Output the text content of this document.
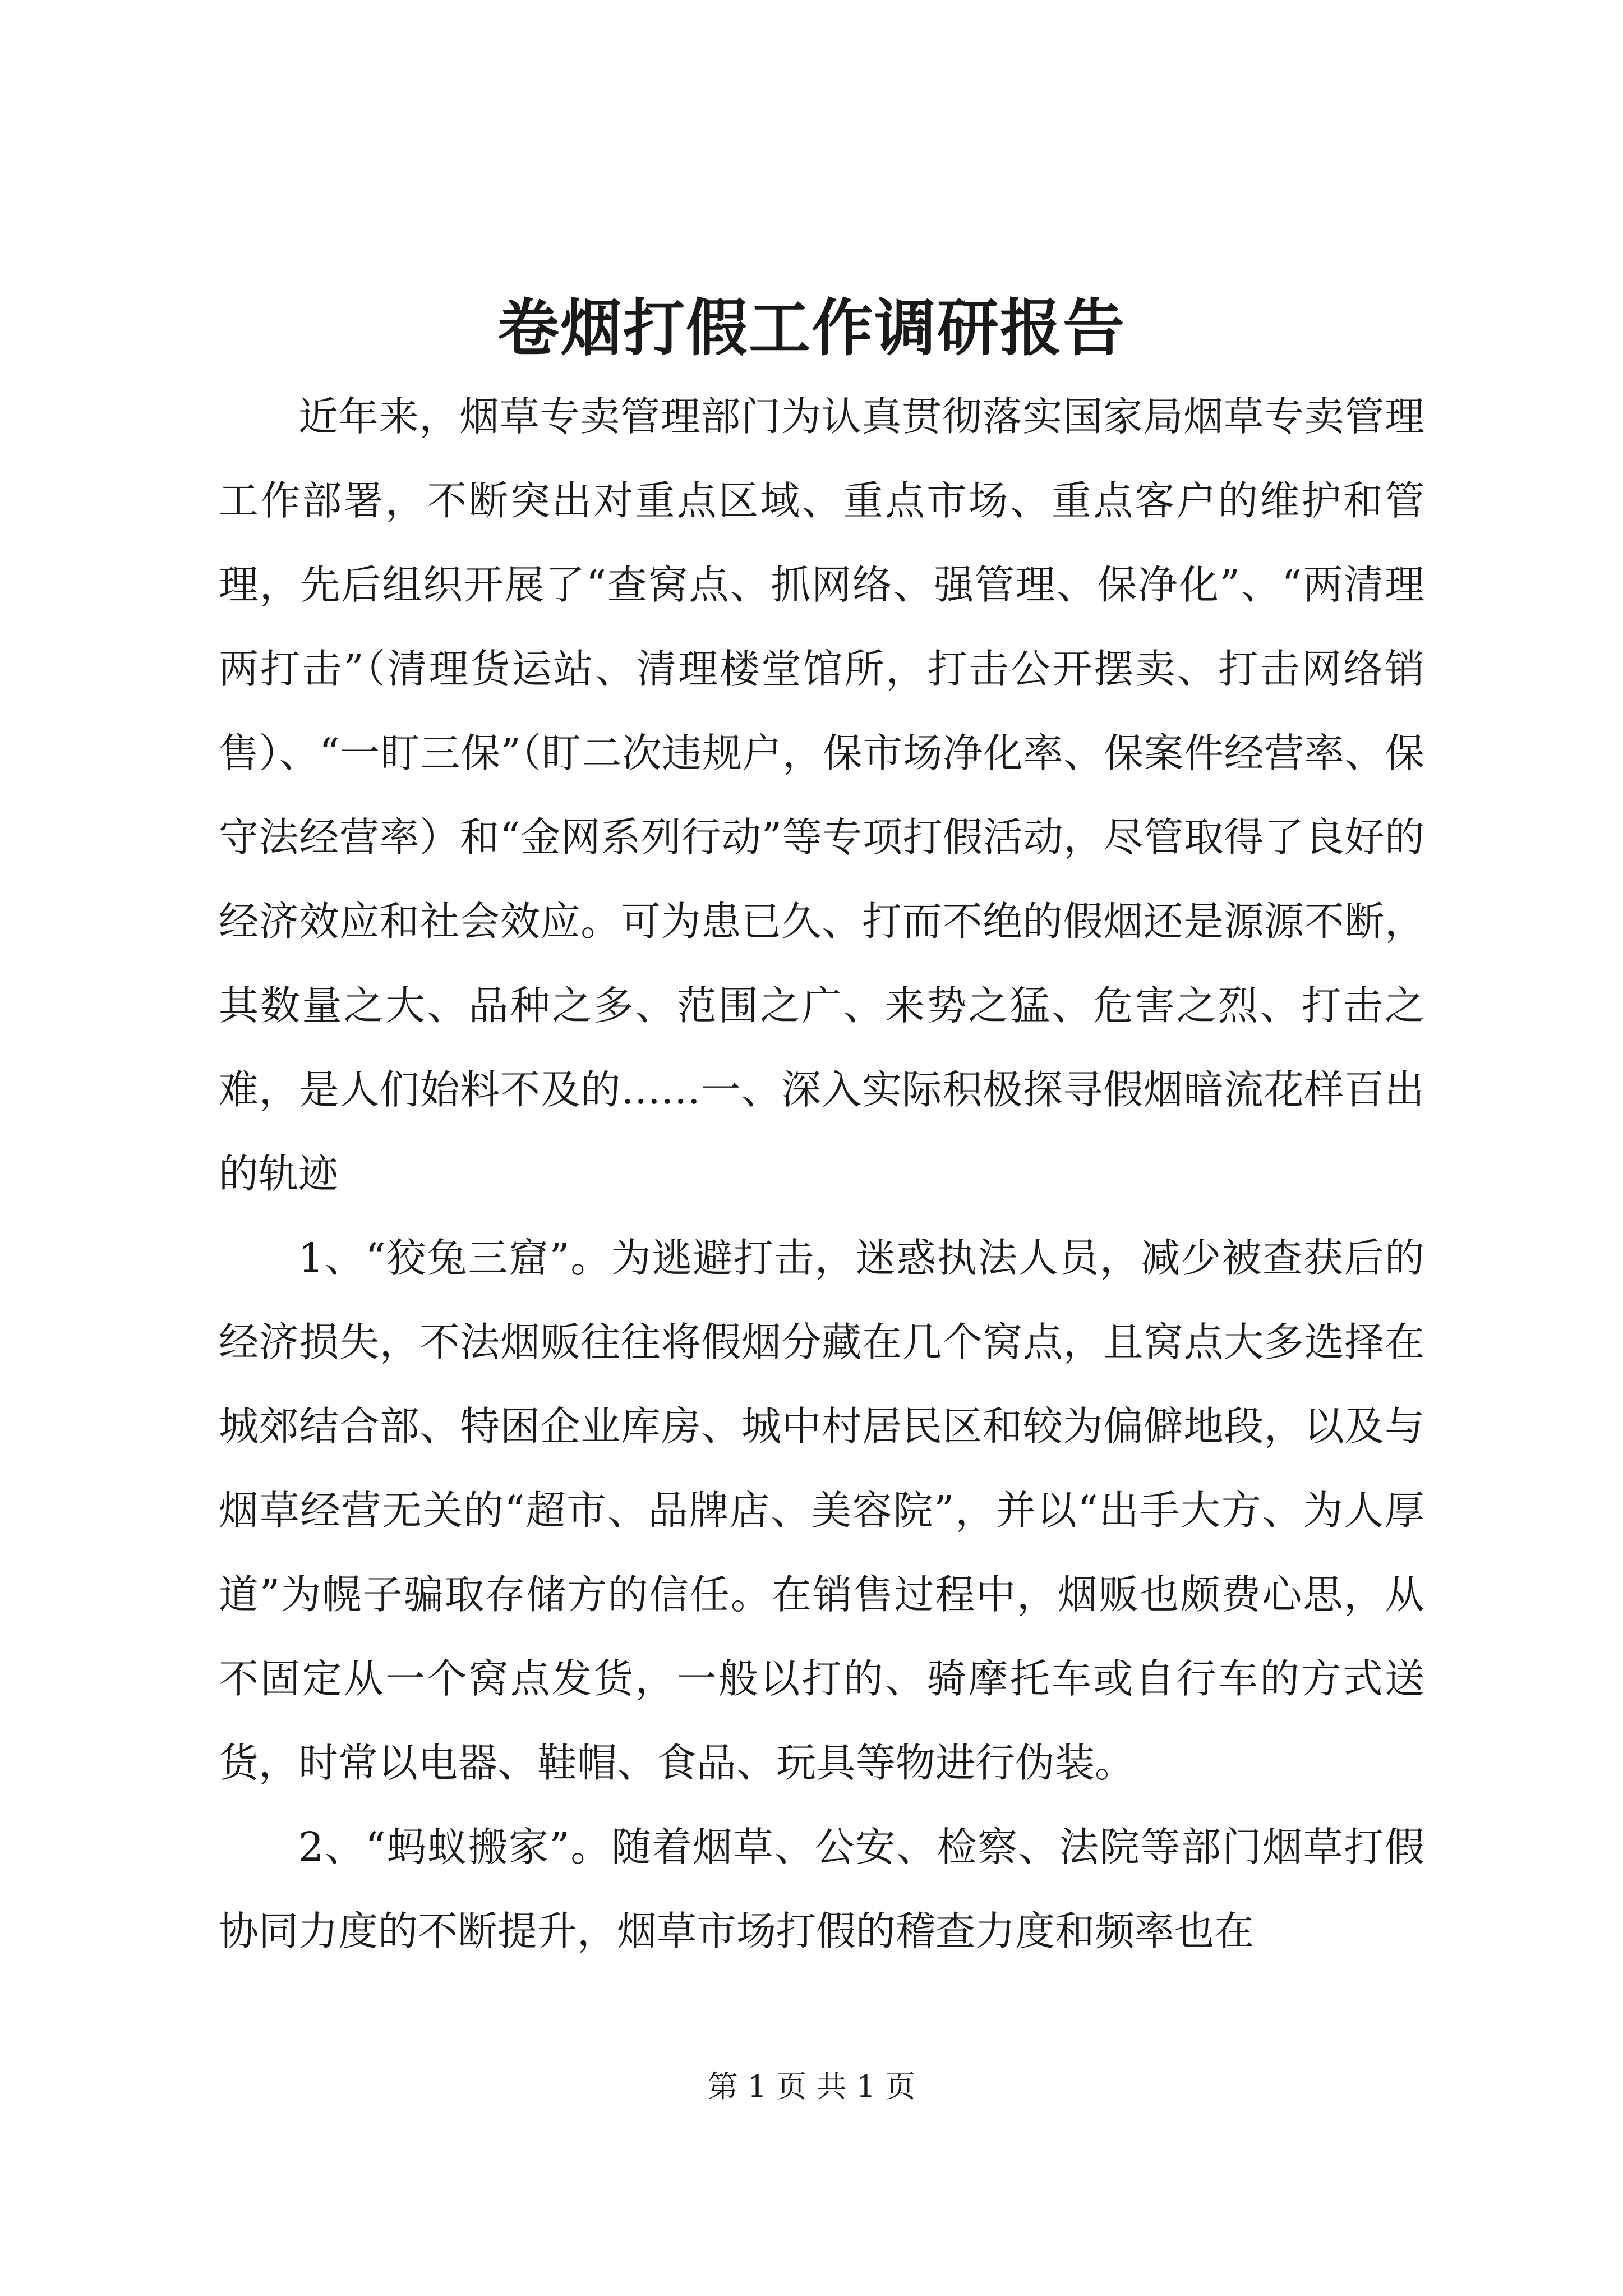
卷烟打假工作调研报告

近年来，烟草专卖管理部门为认真贯彻落实国家局烟草专卖管理工作部署，不断突出对重点区域、重点市场、重点客户的维护和管理，先后组织开展了“查窝点、抓网络、强管理、保净化”、“两清理两打击”（清理货运站、清理楼堂馆所，打击公开摆卖、打击网络销售）、“一盯三保”（盯二次违规户，保市场净化率、保案件经营率、保守法经营率）和“金网系列行动”等专项打假活动，尽管取得了良好的经济效应和社会效应。可为患已久、打而不绝的假烟还是源源不断，其数量之大、品种之多、范围之广、来势之猛、危害之烈、打击之难，是人们始料不及的……一、深入实际积极探寻假烟暗流花样百出的轨迹

1、“狡兔三窟”。为逃避打击，迷惑执法人员，减少被查获后的经济损失，不法烟贩往往将假烟分藏在几个窝点，且窝点大多选择在城郊结合部、特困企业库房、城中村居民区和较为偏僻地段，以及与烟草经营无关的“超市、品牌店、美容院”，并以“出手大方、为人厚道”为幌子骗取存储方的信任。在销售过程中，烟贩也颇费心思，从不固定从一个窝点发货，一般以打的、骑摩托车或自行车的方式送货，时常以电器、鞋帽、食品、玩具等物进行伪装。

2、“蚂蚁搬家”。随着烟草、公安、检察、法院等部门烟草打假协同力度的不断提升，烟草市场打假的稽查力度和频率也在

第 1 页 共 1 页
